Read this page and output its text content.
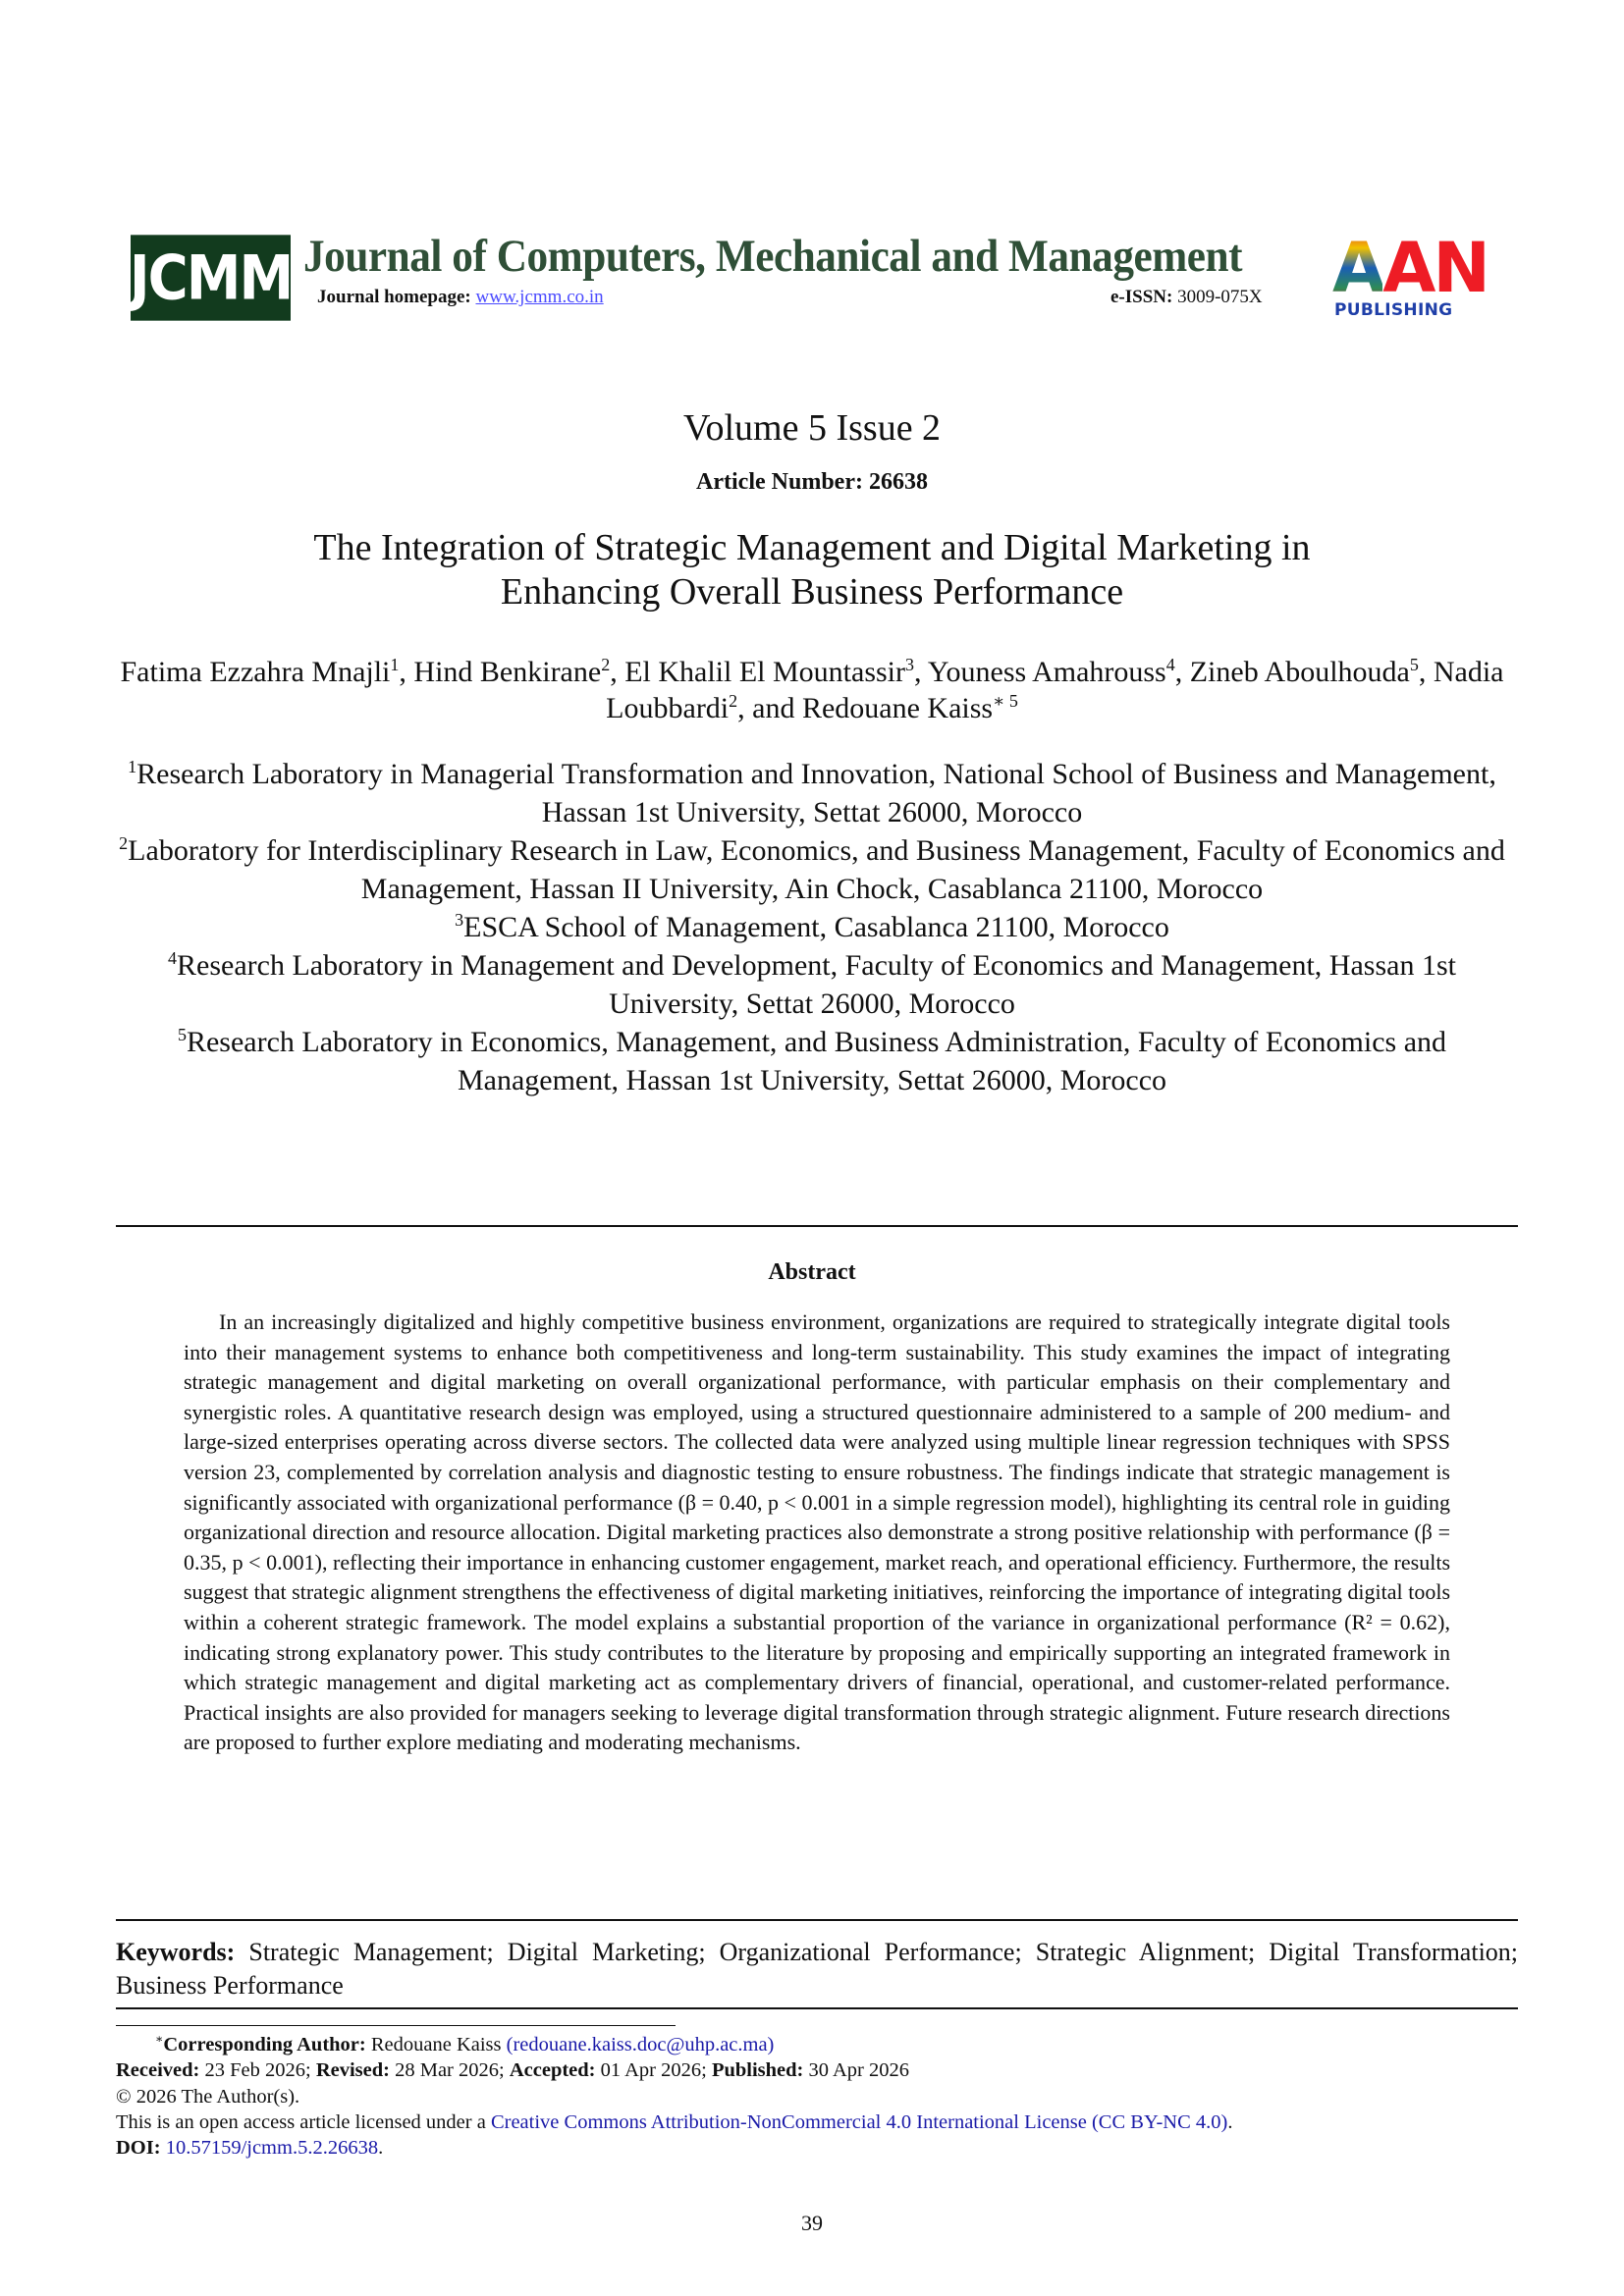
JCMM Journal of Computers, Mechanical and Management
Journal homepage: www.jcmm.co.in	e-ISSN: 3009-075X AAN
PUBLISHING
Volume 5 Issue 2
Article Number: 26638
The Integration of Strategic Management and Digital Marketing in
Enhancing Overall Business Performance
Fatima Ezzahra Mnajli$^1$, Hind Benkirane$^2$, El Khalil El Mountassir$^3$, Youness Amahrouss$^4$, Zineb Aboulhouda$^5$, Nadia Loubbardi$^2$, and Redouane Kaiss$^{∗ 5}$
$^1$Research Laboratory in Managerial Transformation and Innovation, National School of Business and Management, Hassan 1st University, Settat 26000, Morocco
$^2$Laboratory for Interdisciplinary Research in Law, Economics, and Business Management, Faculty of Economics and Management, Hassan II University, Ain Chock, Casablanca 21100, Morocco
$^3$ESCA School of Management, Casablanca 21100, Morocco
$^4$Research Laboratory in Management and Development, Faculty of Economics and Management, Hassan 1st University, Settat 26000, Morocco
$^5$Research Laboratory in Economics, Management, and Business Administration, Faculty of Economics and Management, Hassan 1st University, Settat 26000, Morocco
Abstract
In an increasingly digitalized and highly competitive business environment, organizations are required to strategically integrate digital tools into their management systems to enhance both competitiveness and long-term sustainability. This study examines the impact of integrating strategic management and digital marketing on overall organizational performance, with particular emphasis on their complementary and synergistic roles. A quantitative research design was employed, using a structured questionnaire administered to a sample of 200 medium- and large-sized enterprises operating across diverse sectors. The collected data were analyzed using multiple linear regression techniques with SPSS version 23, complemented by correlation analysis and diagnostic testing to ensure robustness. The findings indicate that strategic management is significantly associated with organizational performance (β = 0.40, p < 0.001 in a simple regression model), highlighting its central role in guiding organizational direction and resource allocation. Digital marketing practices also demonstrate a strong positive relationship with performance (β = 0.35, p < 0.001), reflecting their importance in enhancing customer engagement, market reach, and operational efficiency. Furthermore, the results suggest that strategic alignment strengthens the effectiveness of digital marketing initiatives, reinforcing the importance of integrating digital tools within a coherent strategic framework. The model explains a substantial proportion of the variance in organizational performance (R² = 0.62), indicating strong explanatory power. This study contributes to the literature by proposing and empirically supporting an integrated framework in which strategic management and digital marketing act as complementary drivers of financial, operational, and customer-related performance. Practical insights are also provided for managers seeking to leverage digital transformation through strategic alignment. Future research directions are proposed to further explore mediating and moderating mechanisms.
Keywords: Strategic Management; Digital Marketing; Organizational Performance; Strategic Alignment; Digital Transformation; Business Performance
∗Corresponding Author: Redouane Kaiss (redouane.kaiss.doc@uhp.ac.ma)
Received: 23 Feb 2026; Revised: 28 Mar 2026; Accepted: 01 Apr 2026; Published: 30 Apr 2026
© 2026 The Author(s).
This is an open access article licensed under a Creative Commons Attribution-NonCommercial 4.0 International License (CC BY-NC 4.0).
DOI: 10.57159/jcmm.5.2.26638.
39
